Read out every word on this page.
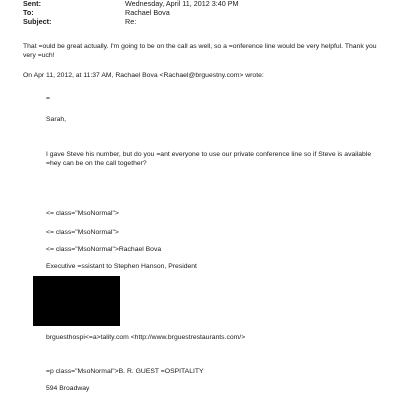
Sent:	Wednesday, April 11, 2012 3:40 PM
To:	Rachael Bova
Subject:	Re:
That =ould be great actually. I'm going to be on the call as well, so a =onference line would be very helpful. Thank you
very =uch!
On Apr 11, 2012, at 11:37 AM, Rachael Bova <Rachael@brguestny.com> wrote:
=
Sarah,
I gave Steve his number, but do you =ant everyone to use our private conference line so if Steve is available
=hey can be on the call together?
<= class="MsoNormal">
<= class="MsoNormal">
<= class="MsoNormal">Rachael Bova
Executive =ssistant to Stephen Hanson, President
brguesthospi<=a>tality.com <http://www.brguestrestaurants.com/>
=p class="MsoNormal">B. R. GUEST =OSPITALITY
594 Broadway
